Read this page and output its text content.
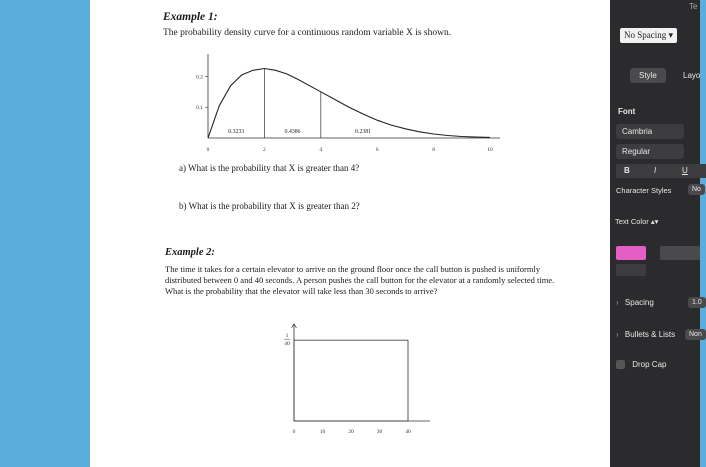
Example 1:
The probability density curve for a continuous random variable X is shown.
0.1
0.2
0	2	4	6	8	10
0.3233	0.4386	0.2381
a) What is the probability that X is greater than 4?
b) What is the probability that X is greater than 2?
Example 2:
The time it takes for a certain elevator to arrive on the ground floor once the call button is pushed is uniformly distributed between 0 and 40 seconds. A person pushes the call button for the elevator at a randomly selected time. What is the probability that the elevator will take less than 30 seconds to arrive?
1
40
0	10	20	30	40
Te
No Spacing ▾
Style	Layo
Font
Cambria
Regular
B	I	U
Character Styles	No
Text Color ▴▾
› Spacing	1.0
› Bullets & Lists	Non
Drop Cap
